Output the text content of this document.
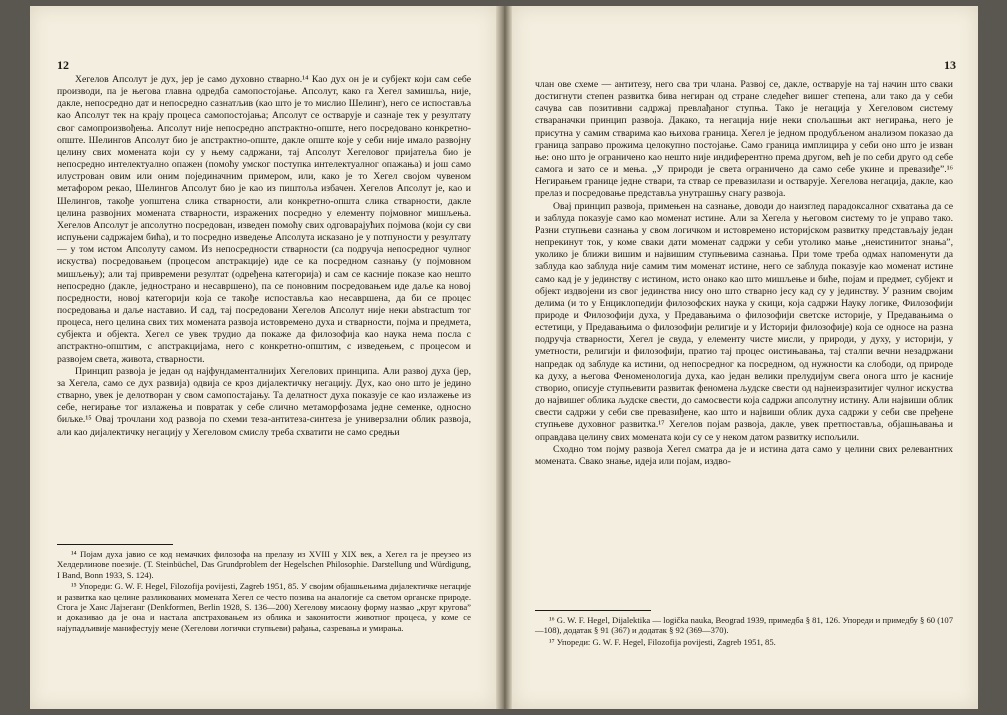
12

Хегелов Апсолут је дух, јер је само духовно стварно.¹⁴ Као дух он је и субјект који сам себе производи, па је његова главна одредба самопостојање. Апсолут, како га Хегел замишља, није, дакле, непосредно дат и непосредно сазнатљив (као што је то мислио Шелинг), него се испоставља као Апсолут тек на крају процеса самопостојања; Апсолут се остварује и сазнаје тек у резултату свог самопроизвођења. Апсолут није непосредно апстрактно-опште, него посредовано конкретно-опште. Шелингов Апсолут био је апстрактно-опште, дакле опште које у себи није имало развојну целину свих момената који су у њему садржани, тај Апсолут Хегеловог пријатеља био је непосредно интелектуално опажен (помоћу умског поступка интелектуалног опажања) и још само илустрован овим или оним појединачним примером, или, како је то Хегел својом чувеном метафором рекао, Шелингов Апсолут био је као из пиштоља избачен. Хегелов Апсолут је, као и Шелингов, такође уопштена слика стварности, али конкретно-општа слика стварности, дакле целина развојних момената стварности, изражених посредно у елементу појмовног мишљења. Хегелов Апсолут је апсолутно посредован, изведен помоћу свих одговарајућих појмова (који су сви испуњени садржајем бића), и то посредно изведење Апсолута исказано је у потпуности у резултату — у том истом Апсолуту самом. Из непосредности стварности (са подручја непосредног чулног искуства) посредовањем (процесом апстракције) иде се ка посредном сазнању (у појмовном мишљењу); али тај привремени резултат (одређена категорија) и сам се касније показе као нешто непосредно (дакле, једнострано и несавршено), па се поновним посредовањем иде даље ка новој посредности, новој категорији која се такође испоставља као несавршена, да би се процес посредовања и даље наставио. И сад, тај посредовани Хегелов Апсолут није неки abstractum тог процеса, него целина свих тих момената развоја истовремено духа и стварности, појма и предмета, субјекта и објекта. Хегел се увек трудио да покаже да филозофија као наука нема посла с апстрактно-општим, с апстракцијама, него с конкретно-општим, с изведењем, с процесом и развојем света, живота, стварности.

Принцип развоја је један од најфундаменталнијих Хегелових принципа. Али развој духа (јер, за Хегела, само се дух развија) одвија се кроз дијалектичку негацију. Дух, као оно што је једино стварно, увек је делотворан у свом самопостајању. Та делатност духа показује се као излажење из себе, негирање тог излажења и повратак у себе слично метаморфозама једне семенке, односно биљке.¹⁵ Овај трочлани ход развоја по схеми теза-антитеза-синтеза је универзални облик развоја, али као дијалектичку негацију у Хегеловом смислу треба схватити не само средњи

¹⁴ Појам духа јавио се код немачких филозофа на прелазу из XVIII у XIX век, а Хегел га је преузео из Хелдерлинове поезије. (Т. Steinbüchel, Das Grundproblem der Hegelschen Philosophie. Darstellung und Würdigung, I Band, Bonn 1933, S. 124).

¹⁵ Упореди: G. W. F. Hegel, Filozofija povijesti, Zagreb 1951, 85. У својим објашњењима дијалектичке негације и развитка као целине разликованих момената Хегел се често позива на аналогије са светом органске природе. Стога је Ханс Лајзеганг (Denkformen, Berlin 1928, S. 136—200) Хегелову мисаону форму назвао „круг кругова” и доказивао да је она и настала апстраховањем из облика и законитости животног процеса, у коме се најупадљивије манифестују мене (Хегелови логички ступњеви) рађања, сазревања и умирања.

13

члан ове схеме — антитезу, него сва три члана. Развој се, дакле, остварује на тај начин што сваки достигнути степен развитка бива негиран од стране следећег вишег степена, али тако да у себи сачува сав позитивни садржај превлађаног ступња. Тако је негација у Хегеловом систему ствараначки принцип развоја. Дакако, та негација није неки спољашњи акт негирања, него је присутна у самим стварима као њихова граница. Хегел је једном продубљеном анализом показао да граница заправо прожима целокупно постојање. Само граница имплицира у себи оно што је изван ње: оно што је ограничено као нешто није индиферентно према другом, већ је по себи друго од себе самога и зато се и мења. „У природи је света ограничено да само себе укине и превазиђе”.¹⁶ Негирањем границе једне ствари, та ствар се превазилази и остварује. Хегелова негација, дакле, као прелаз и посредовање представља унутрашњу снагу развоја.

Овај принцип развоја, примењен на сазнање, доводи до наизглед парадоксалног схватања да се и заблуда показује само као моменат истине. Али за Хегела у његовом систему то је управо тако. Разни ступњеви сазнања у свом логичком и истовремено историјском развитку представљају један непрекинут ток, у коме сваки дати моменат садржи у себи утолико мање „неистинитог знања”, уколико је ближи вишим и највишим ступњевима сазнања. При томе треба одмах напоменути да заблуда као заблуда није самим тим моменат истине, него се заблуда показује као моменат истине само кад је у јединству с истином, исто онако као што мишљење и биће, појам и предмет, субјект и објект издвојени из свог јединства нису оно што стварно јесу кад су у јединству. У разним својим делима (и то у Енциклопедији филозофских наука у скици, која садржи Науку логике, Филозофији природе и Филозофији духа, у Предавањима о филозофији светске историје, у Предавањима о естетици, у Предавањима о филозофији религије и у Историји филозофије) која се односе на разна подручја стварности, Хегел је свуда, у елементу чисте мисли, у природи, у духу, у историји, у уметности, религији и филозофији, пратио тај процес оистињавања, тај сталпи вечни незадржани напредак од заблуде ка истини, од непосредног ка посредном, од нужности ка слободи, од природе ка духу, а његова Феноменологија духа, као један велики прелудијум свега онога што је касније створио, описује ступњевити развитак феномена људске свести од најнеизразитијег чулног искуства до највишег облика људске свести, до самосвести која садржи апсолутну истину. Али највиши облик свести садржи у себи све превазиђене, као што и највиши облик духа садржи у себи све пређене ступњеве духовног развитка.¹⁷ Хегелов појам развоја, дакле, увек претпоставља, објашњавања и оправдава целину свих момената који су се у неком датом развитку испољили.

Сходно том појму развоја Хегел сматра да је и истина дата само у целини свих релевантних момената. Свако знање, идеја или појам, издво-

¹⁶ G. W. F. Hegel, Dijalektika — logička nauka, Beograd 1939, примедба § 81, 126. Упореди и примедбу § 60 (107—108), додатак § 91 (367) и додатак § 92 (369—370).

¹⁷ Упореди: G. W. F. Hegel, Filozofija povijesti, Zagreb 1951, 85.
